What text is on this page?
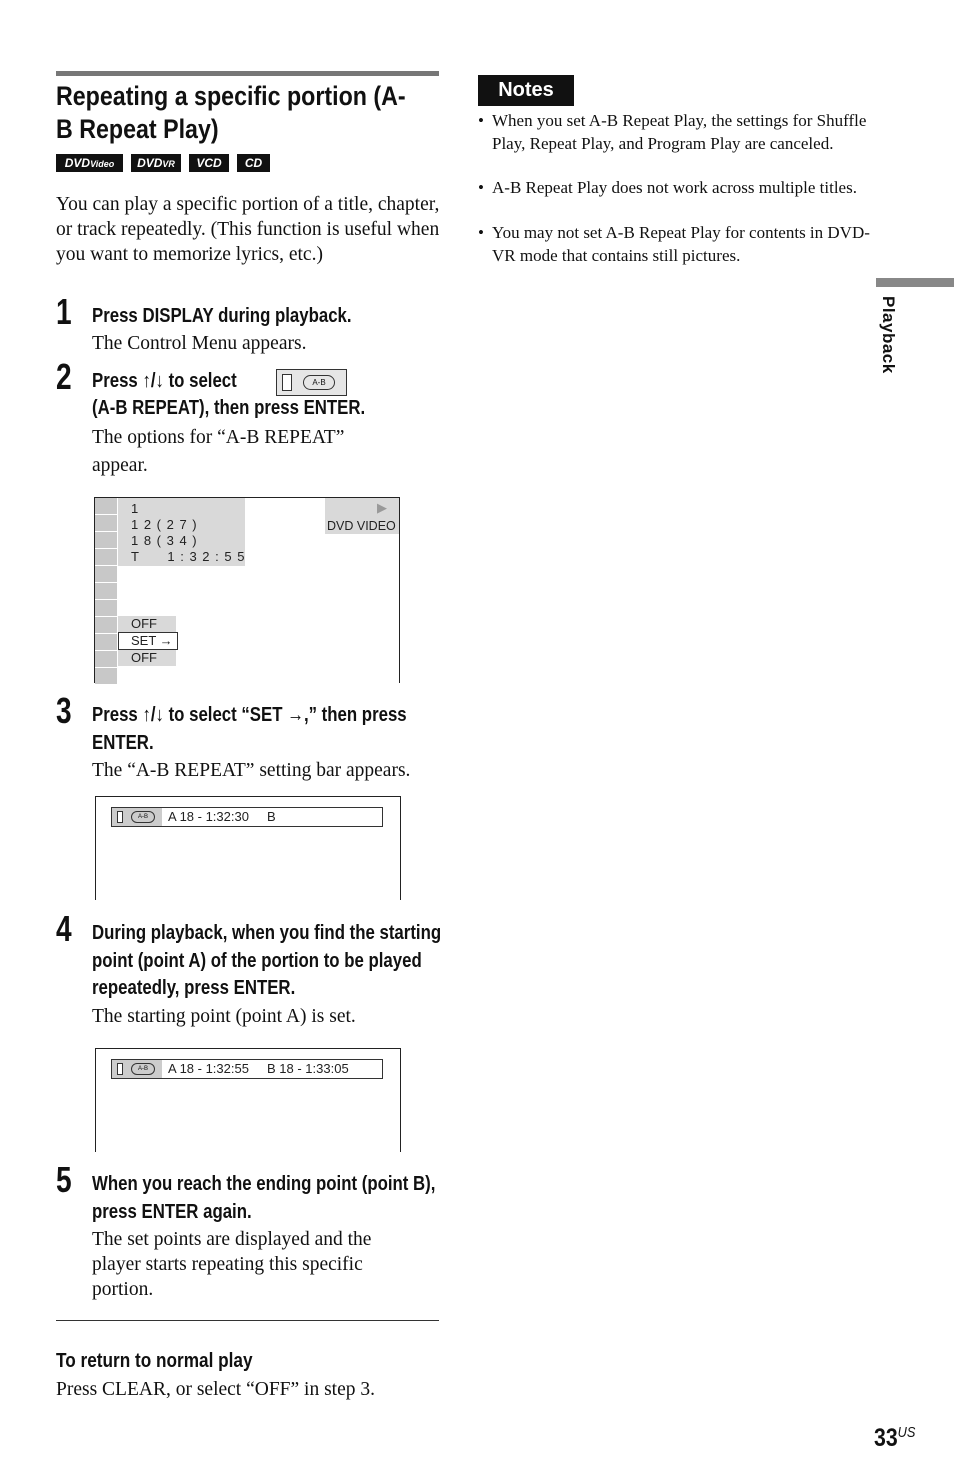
Repeating a specific portion (A-B Repeat Play)
DVDVideo	DVDVR	VCD	CD
You can play a specific portion of a title, chapter, or track repeatedly. (This function is useful when you want to memorize lyrics, etc.)
1 Press DISPLAY during playback.
The Control Menu appears.
2 Press ↑/↓ to select	A-B
(A-B REPEAT), then press ENTER.
The options for “A-B REPEAT” appear.
1
1 2 ( 2 7 )
1 8 ( 3 4 )
T      1 : 3 2 : 5 5
▶
DVD VIDEO
OFF
SET →
OFF
3 Press ↑/↓ to select “SET →,” then press ENTER.
The “A-B REPEAT” setting bar appears.
A-B	A 18 - 1:32:30     B
4 During playback, when you find the starting point (point A) of the portion to be played repeatedly, press ENTER.
The starting point (point A) is set.
A-B	A 18 - 1:32:55     B 18 - 1:33:05
5 When you reach the ending point (point B), press ENTER again.
The set points are displayed and the player starts repeating this specific portion.
To return to normal play
Press CLEAR, or select “OFF” in step 3.
Notes
• When you set A-B Repeat Play, the settings for Shuffle Play, Repeat Play, and Program Play are canceled.
• A-B Repeat Play does not work across multiple titles.
• You may not set A-B Repeat Play for contents in DVD-VR mode that contains still pictures.
Playback
$33^{US}$
